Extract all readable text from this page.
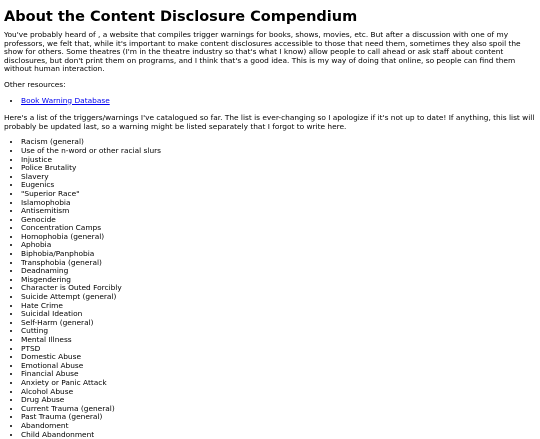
About the Content Disclosure Compendium

You've probably heard of , a website that compiles trigger warnings for books, shows, movies, etc. But after a discussion with one of my professors, we felt that, while it's important to make content disclosures accessible to those that need them, sometimes they also spoil the show for others. Some theatres (I'm in the theatre industry so that's what I know) allow people to call ahead or ask staff about content disclosures, but don't print them on programs, and I think that's a good idea. This is my way of doing that online, so people can find them without human interaction.

Other resources:

• Book Warning Database

Here's a list of the triggers/warnings I've catalogued so far. The list is ever-changing so I apologize if it's not up to date! If anything, this list will probably be updated last, so a warning might be listed separately that I forgot to write here.

• Racism (general)
• Use of the n-word or other racial slurs
• Injustice
• Police Brutality
• Slavery
• Eugenics
• "Superior Race"
• Islamophobia
• Antisemitism
• Genocide
• Concentration Camps
• Homophobia (general)
• Aphobia
• Biphobia/Panphobia
• Transphobia (general)
• Deadnaming
• Misgendering
• Character is Outed Forcibly
• Suicide Attempt (general)
• Hate Crime
• Suicidal Ideation
• Self-Harm (general)
• Cutting
• Mental Illness
• PTSD
• Domestic Abuse
• Emotional Abuse
• Financial Abuse
• Anxiety or Panic Attack
• Alcohol Abuse
• Drug Abuse
• Current Trauma (general)
• Past Trauma (general)
• Abandoment
• Child Abandonment
